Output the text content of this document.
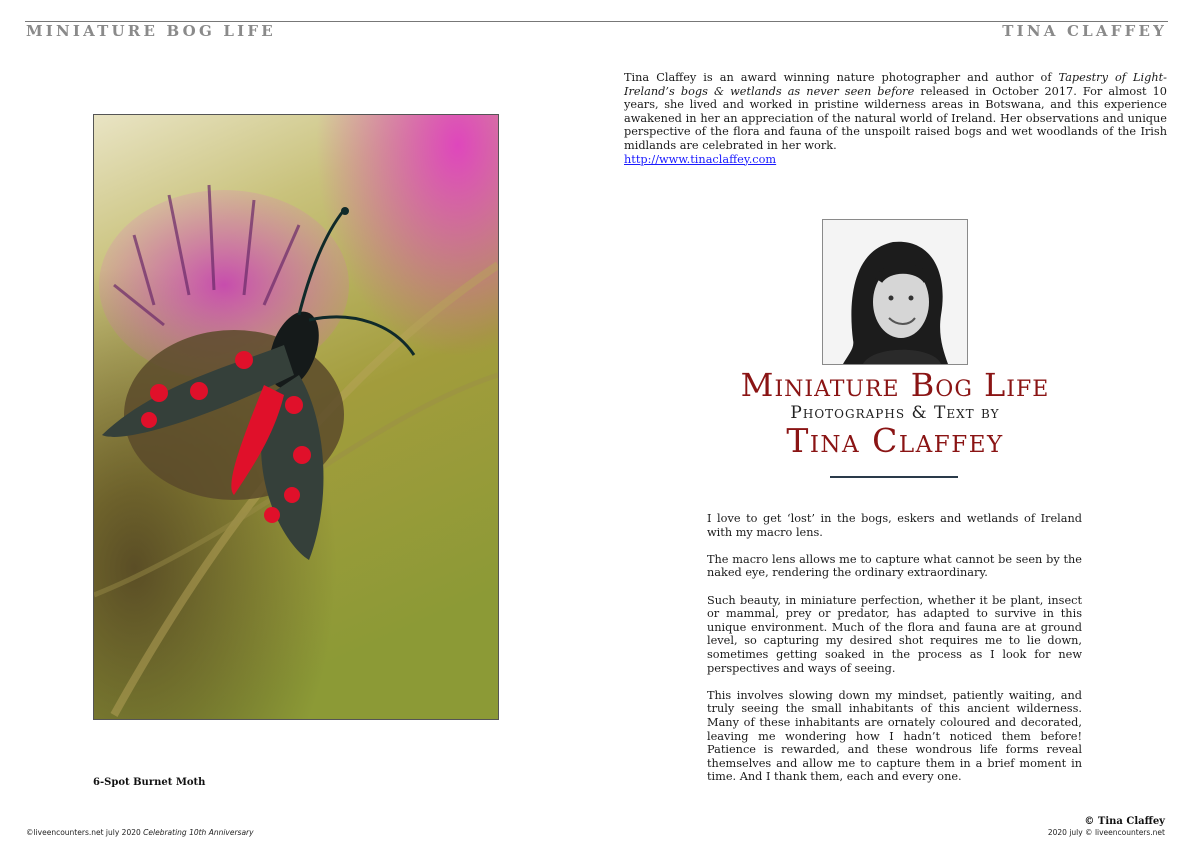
MINIATURE BOG LIFE	TINA CLAFFEY
6-Spot Burnet Moth
Tina Claffey is an award winning nature photographer and author of Tapestry of Light-Ireland’s bogs & wetlands as never seen before released in October 2017. For almost 10 years, she lived and worked in pristine wilderness areas in Botswana, and this experience awakened in her an appreciation of the natural world of Ireland. Her observations and unique perspective of the flora and fauna of the unspoilt raised bogs and wet woodlands of the Irish midlands are celebrated in her work.
http://www.tinaclaffey.com
Miniature Bog Life
Photographs & Text by
Tina Claffey

I love to get ‘lost’ in the bogs, eskers and wetlands of Ireland with my macro lens.

The macro lens allows me to capture what cannot be seen by the naked eye, rendering the ordinary extraordinary.

Such beauty, in miniature perfection, whether it be plant, insect or mammal, prey or predator, has adapted to survive in this unique environment. Much of the flora and fauna are at ground level, so capturing my desired shot requires me to lie down, sometimes getting soaked in the process as I look for new perspectives and ways of seeing.

This involves slowing down my mindset, patiently waiting, and truly seeing the small inhabitants of this ancient wilderness. Many of these inhabitants are ornately coloured and decorated, leaving me wondering how I hadn’t noticed them before! Patience is rewarded, and these wondrous life forms reveal themselves and allow me to capture them in a brief moment in time. And I thank them, each and every one.

© Tina Claffey
©liveencounters.net july 2020 Celebrating 10th Anniversary	2020 july © liveencounters.net
